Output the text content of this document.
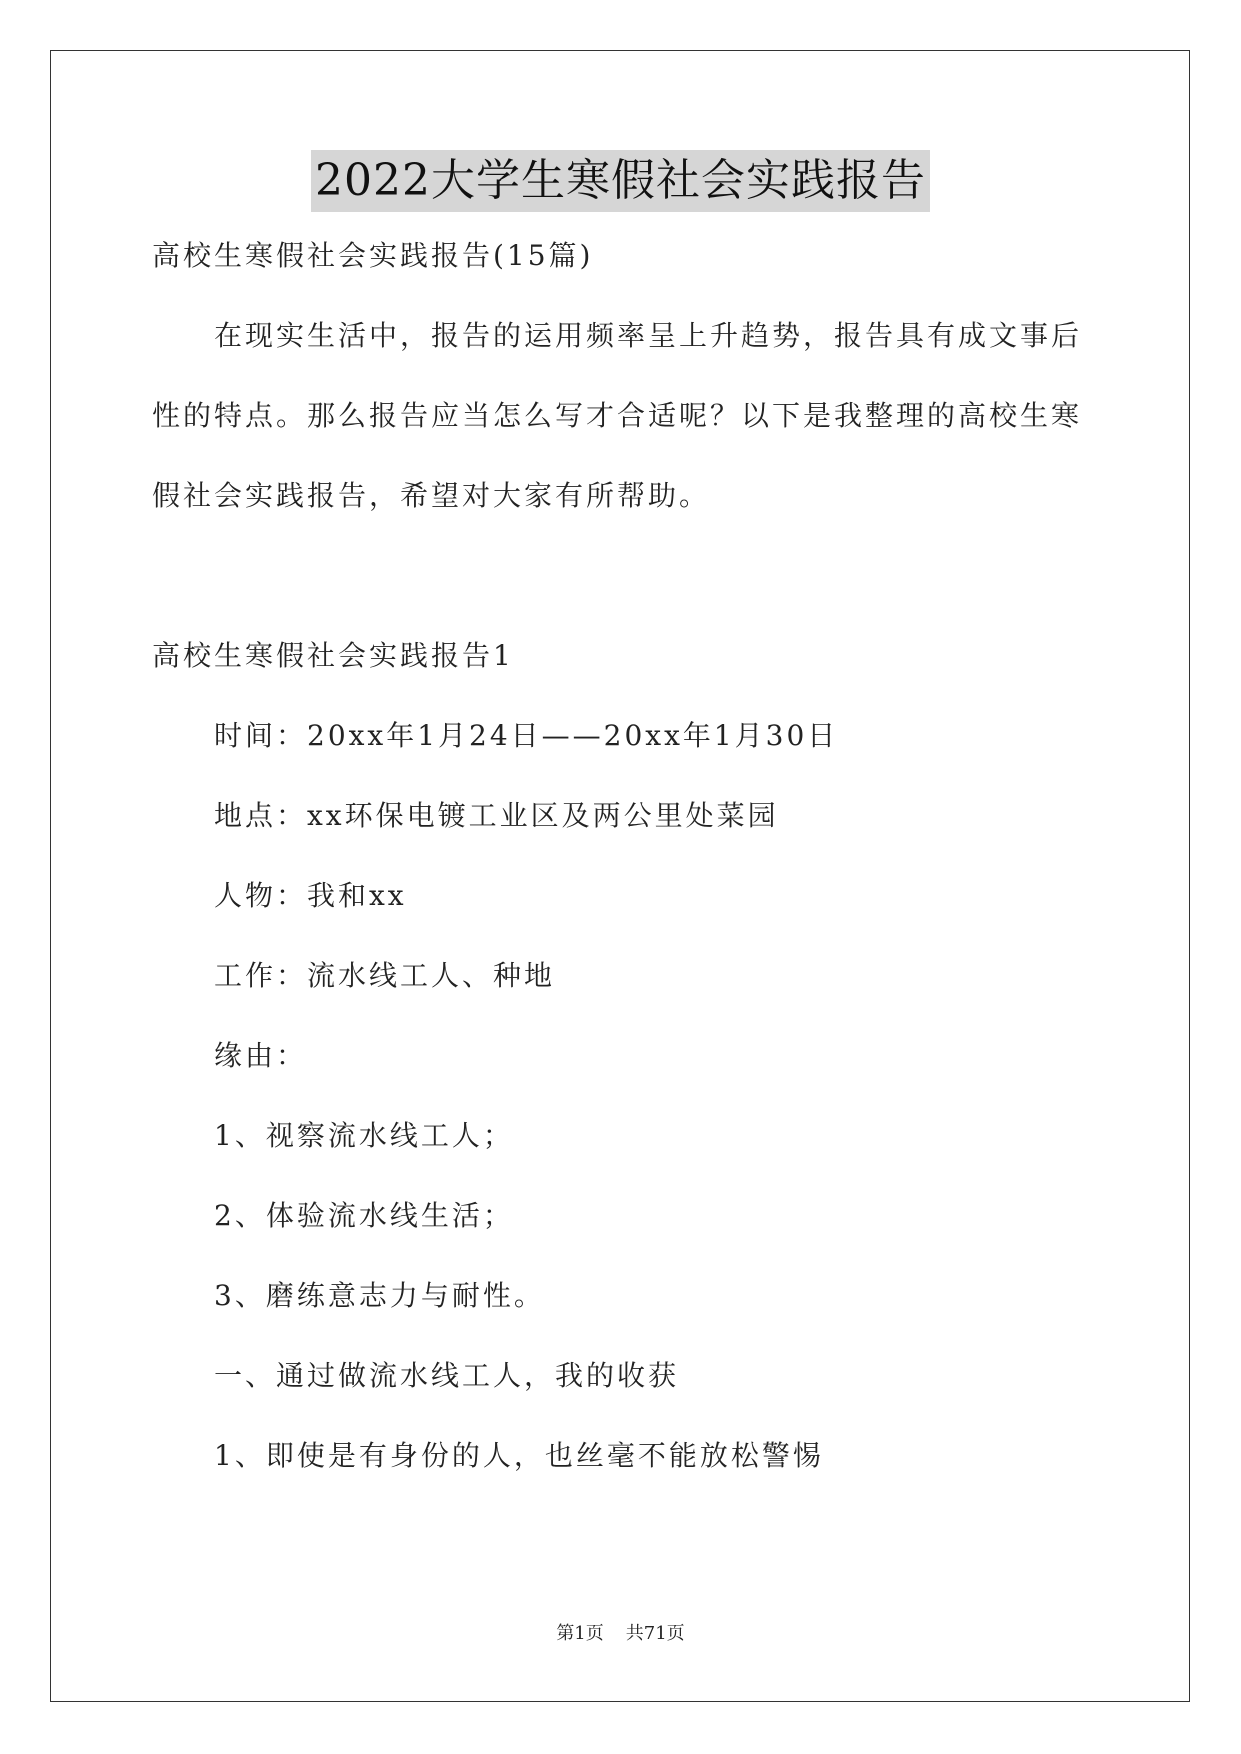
2022大学生寒假社会实践报告
高校生寒假社会实践报告(15篇)
在现实生活中，报告的运用频率呈上升趋势，报告具有成文事后
性的特点。那么报告应当怎么写才合适呢？以下是我整理的高校生寒
假社会实践报告，希望对大家有所帮助。
高校生寒假社会实践报告1
时间：20xx年1月24日——20xx年1月30日
地点：xx环保电镀工业区及两公里处菜园
人物：我和xx
工作：流水线工人、种地
缘由：
1、视察流水线工人；
2、体验流水线生活；
3、磨练意志力与耐性。
一、通过做流水线工人，我的收获
1、即使是有身份的人，也丝毫不能放松警惕
第1页 共71页
